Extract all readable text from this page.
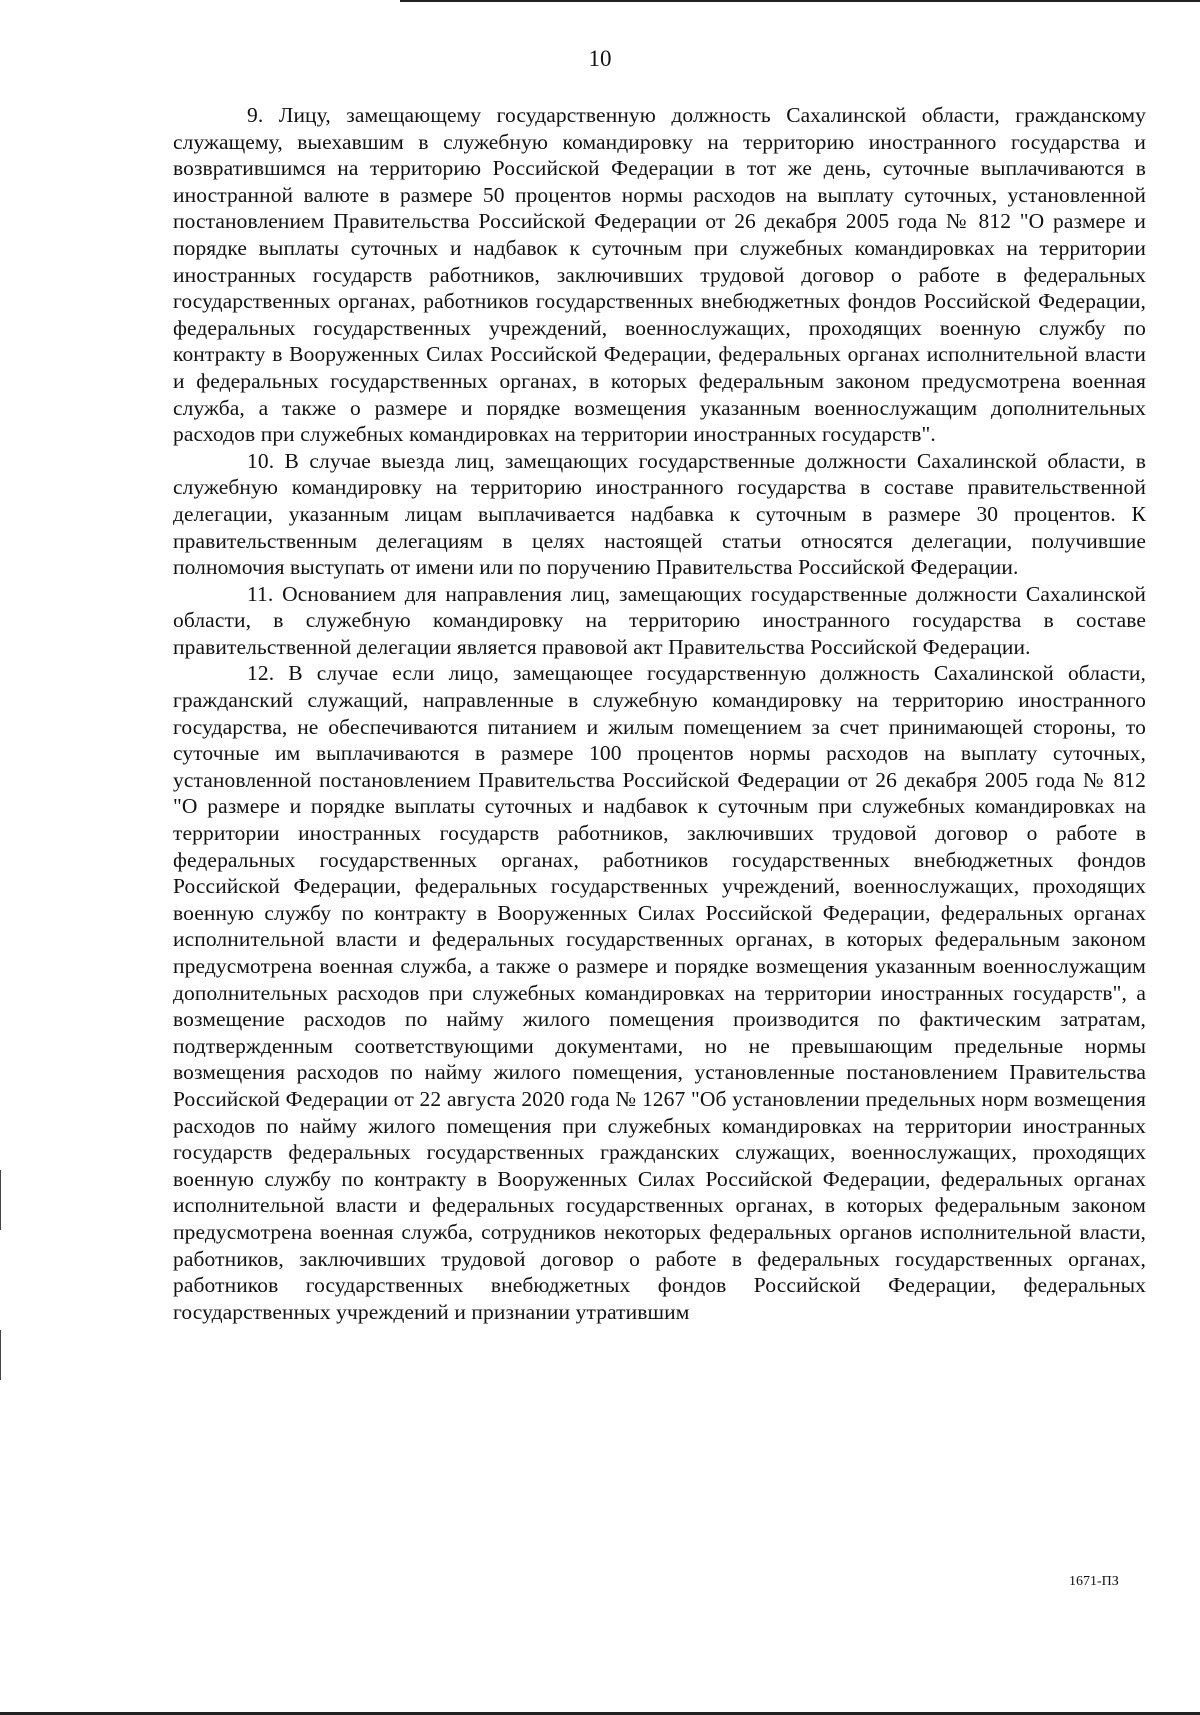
10

9. Лицу, замещающему государственную должность Сахалинской области, гражданскому служащему, выехавшим в служебную командировку на территорию иностранного государства и возвратившимся на территорию Российской Федерации в тот же день, суточные выплачиваются в иностранной валюте в размере 50 процентов нормы расходов на выплату суточных, установленной постановлением Правительства Российской Федерации от 26 декабря 2005 года № 812 "О размере и порядке выплаты суточных и надбавок к суточным при служебных командировках на территории иностранных государств работников, заключивших трудовой договор о работе в федеральных государственных органах, работников государственных внебюджетных фондов Российской Федерации, федеральных государственных учреждений, военнослужащих, проходящих военную службу по контракту в Вооруженных Силах Российской Федерации, федеральных органах исполнительной власти и федеральных государственных органах, в которых федеральным законом предусмотрена военная служба, а также о размере и порядке возмещения указанным военнослужащим дополнительных расходов при служебных командировках на территории иностранных государств".

10. В случае выезда лиц, замещающих государственные должности Сахалинской области, в служебную командировку на территорию иностранного государства в составе правительственной делегации, указанным лицам выплачивается надбавка к суточным в размере 30 процентов. К правительственным делегациям в целях настоящей статьи относятся делегации, получившие полномочия выступать от имени или по поручению Правительства Российской Федерации.

11. Основанием для направления лиц, замещающих государственные должности Сахалинской области, в служебную командировку на территорию иностранного государства в составе правительственной делегации является правовой акт Правительства Российской Федерации.

12. В случае если лицо, замещающее государственную должность Сахалинской области, гражданский служащий, направленные в служебную командировку на территорию иностранного государства, не обеспечиваются питанием и жилым помещением за счет принимающей стороны, то суточные им выплачиваются в размере 100 процентов нормы расходов на выплату суточных, установленной постановлением Правительства Российской Федерации от 26 декабря 2005 года № 812 "О размере и порядке выплаты суточных и надбавок к суточным при служебных командировках на территории иностранных государств работников, заключивших трудовой договор о работе в федеральных государственных органах, работников государственных внебюджетных фондов Российской Федерации, федеральных государственных учреждений, военнослужащих, проходящих военную службу по контракту в Вооруженных Силах Российской Федерации, федеральных органах исполнительной власти и федеральных государственных органах, в которых федеральным законом предусмотрена военная служба, а также о размере и порядке возмещения указанным военнослужащим дополнительных расходов при служебных командировках на территории иностранных государств", а возмещение расходов по найму жилого помещения производится по фактическим затратам, подтвержденным соответствующими документами, но не превышающим предельные нормы возмещения расходов по найму жилого помещения, установленные постановлением Правительства Российской Федерации от 22 августа 2020 года № 1267 "Об установлении предельных норм возмещения расходов по найму жилого помещения при служебных командировках на территории иностранных государств федеральных государственных гражданских служащих, военнослужащих, проходящих военную службу по контракту в Вооруженных Силах Российской Федерации, федеральных органах исполнительной власти и федеральных государственных органах, в которых федеральным законом предусмотрена военная служба, сотрудников некоторых федеральных органов исполнительной власти, работников, заключивших трудовой договор о работе в федеральных государственных органах, работников государственных внебюджетных фондов Российской Федерации, федеральных государственных учреждений и признании утратившим

1671-ПЗ
